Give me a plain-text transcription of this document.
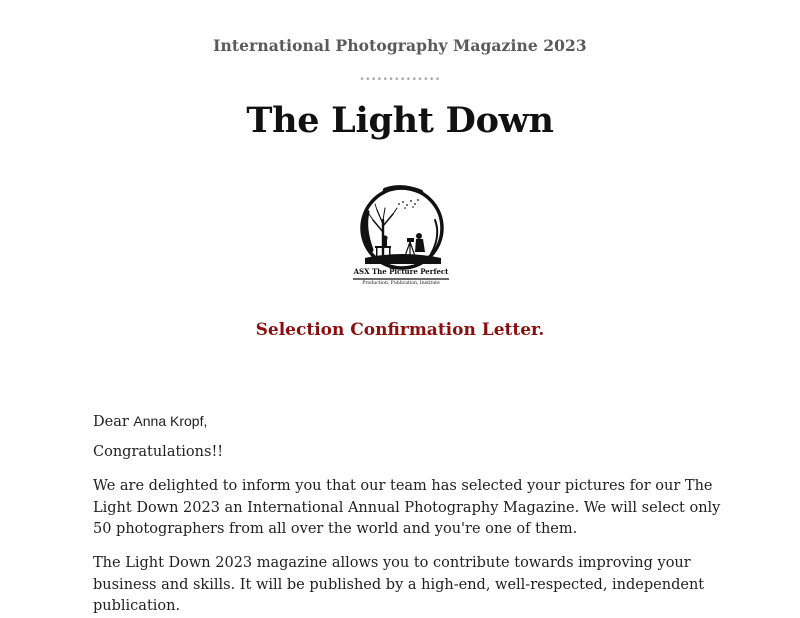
International Photography Magazine 2023
••••••••••••••
The Light Down
ASX The Picture Perfect
Production, Publication, Institute
Selection Confirmation Letter.
Dear Anna Kropf,
Congratulations!!
We are delighted to inform you that our team has selected your pictures for our The Light Down 2023 an International Annual Photography Magazine. We will select only 50 photographers from all over the world and you're one of them.
The Light Down 2023 magazine allows you to contribute towards improving your business and skills. It will be published by a high-end, well-respected, independent publication.
